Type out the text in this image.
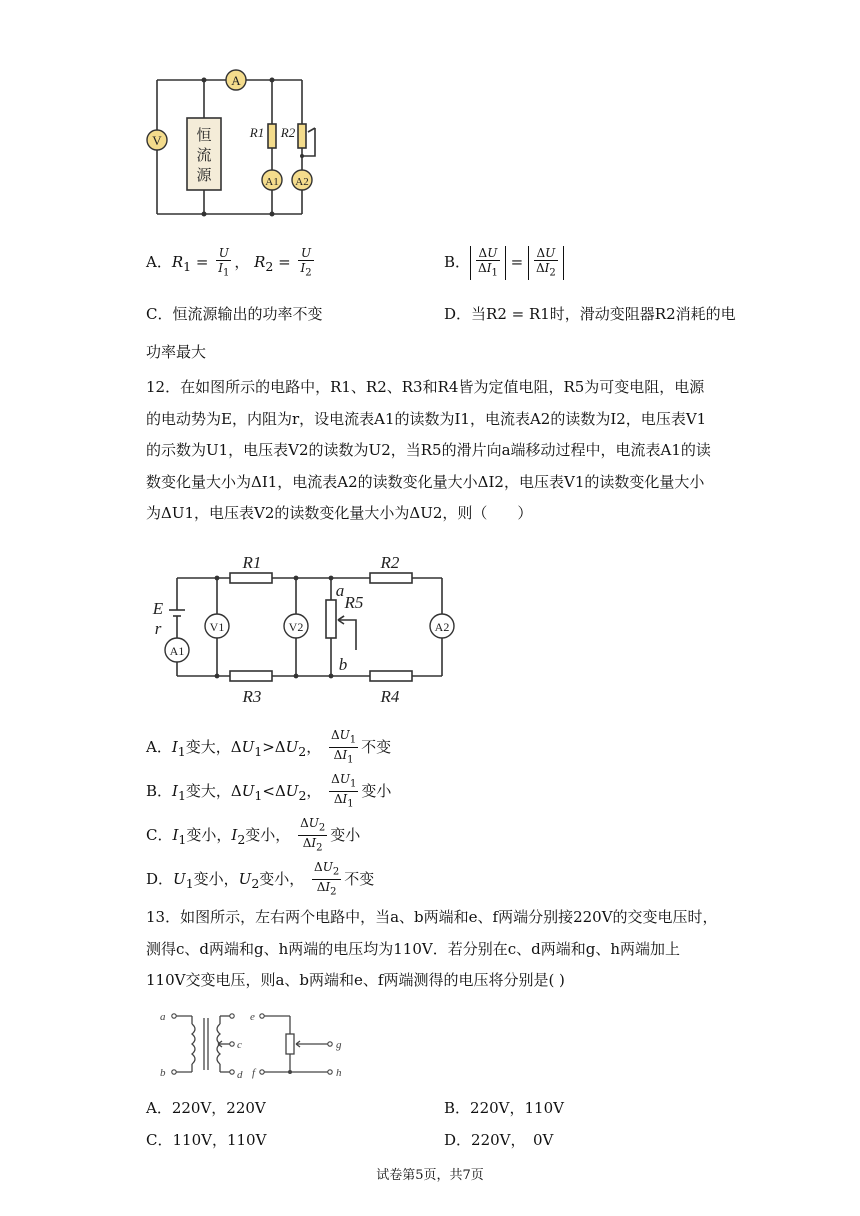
V
A
A1 A2
R1 R2
恒
流
源
恒流源
A．$R_1 = \frac{U}{I_1}$ ， $R_2 = \frac{U}{I_2}$	B． $\frac{\Delta U}{\Delta I_1} = \frac{\Delta U}{\Delta I_2}$
C．恒流源输出的功率不变	D．当R2 = R1时，滑动变阻器R2消耗的电
功率最大
12．在如图所示的电路中，R1、R2、R3和R4皆为定值电阻，R5为可变电阻，电源的电动势为E，内阻为r，设电流表A1的读数为I1，电流表A2的读数为I2，电压表V1的示数为U1，电压表V2的读数为U2，当R5的滑片向a端移动过程中，电流表A1的读数变化量大小为ΔI1，电流表A2的读数变化量大小ΔI2，电压表V1的读数变化量大小为ΔU1，电压表V2的读数变化量大小为ΔU2，则（　　）
A1
V1	V2	A2
R1	R2
R3	R4
R5
E
r
a
b
A．$I_1$变大，$\Delta U_1>\Delta U_2$， $\frac{\Delta U_1}{\Delta I_1}$ 不变
B．$I_1$变大，$\Delta U_1<\Delta U_2$， $\frac{\Delta U_1}{\Delta I_1}$ 变小
C．$I_1$变小，$I_2$变小， $\frac{\Delta U_2}{\Delta I_2}$ 变小
D．$U_1$变小，$U_2$变小， $\frac{\Delta U_2}{\Delta I_2}$ 不变
13．如图所示，左右两个电路中，当a、b两端和e、f两端分别接220V的交变电压时，测得c、d两端和g、h两端的电压均为110V．若分别在c、d两端和g、h两端加上110V交变电压，则a、b两端和e、f两端测得的电压将分别是( )
a
b
c
d
e
f
g
h
A．220V，220V	B．220V，110V
C．110V，110V	D．220V，　0V
试卷第5页，共7页
